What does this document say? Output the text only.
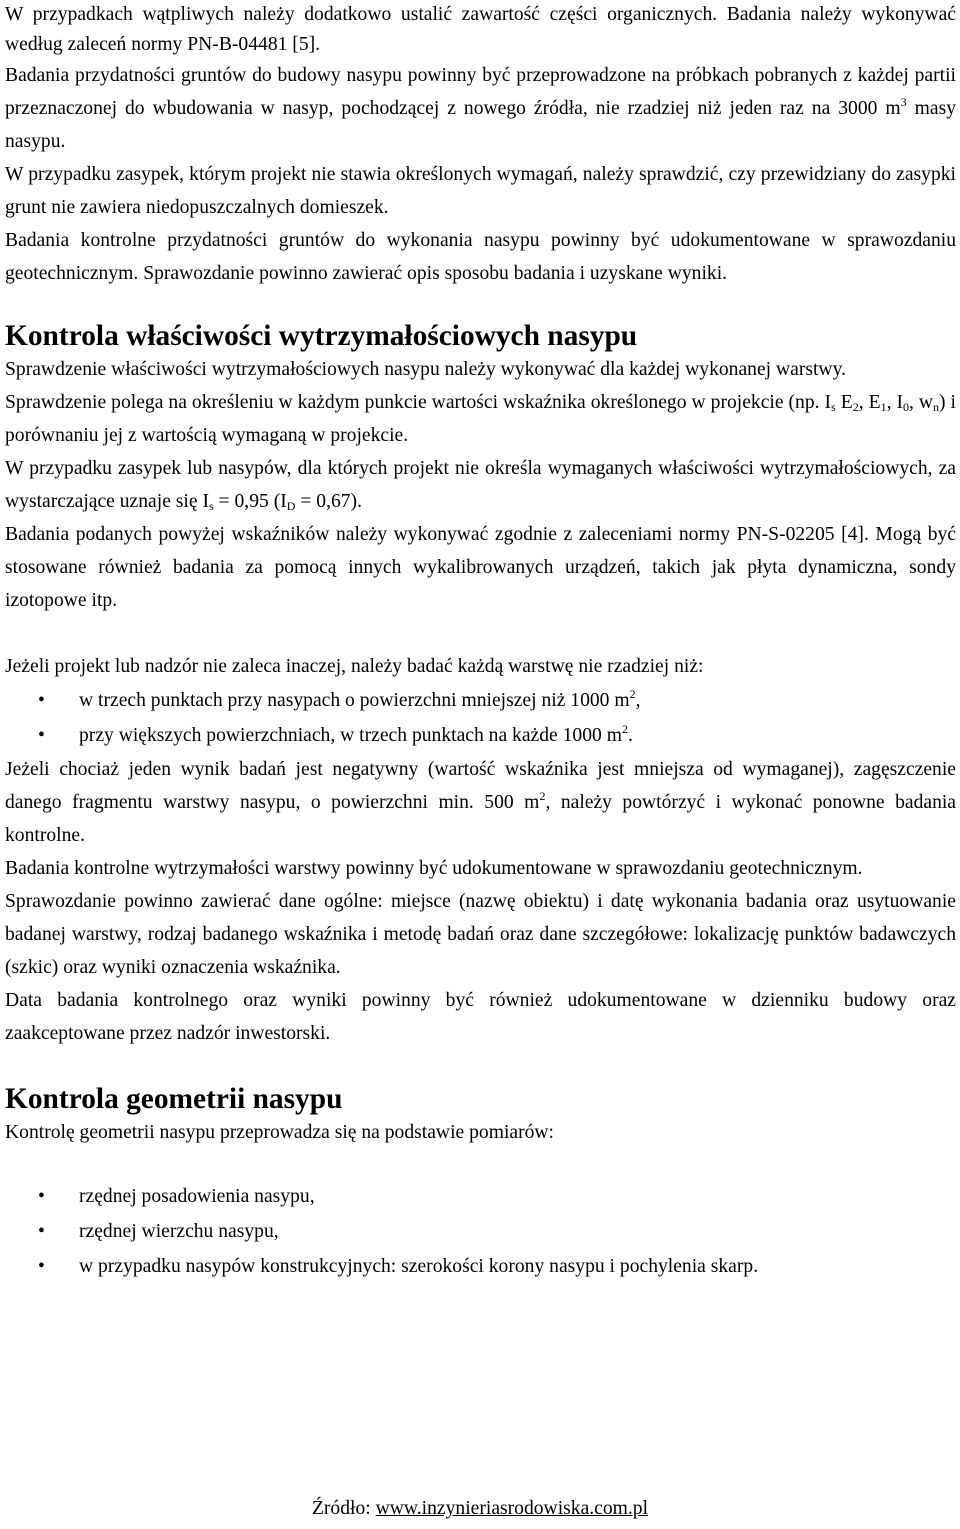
W przypadkach wątpliwych należy dodatkowo ustalić zawartość części organicznych. Badania należy wykonywać według zaleceń normy PN-B-04481 [5].

Badania przydatności gruntów do budowy nasypu powinny być przeprowadzone na próbkach pobranych z każdej partii przeznaczonej do wbudowania w nasyp, pochodzącej z nowego źródła, nie rzadziej niż jeden raz na 3000 $m^3$ masy nasypu.

W przypadku zasypek, którym projekt nie stawia określonych wymagań, należy sprawdzić, czy przewidziany do zasypki grunt nie zawiera niedopuszczalnych domieszek.

Badania kontrolne przydatności gruntów do wykonania nasypu powinny być udokumentowane w sprawozdaniu geotechnicznym. Sprawozdanie powinno zawierać opis sposobu badania i uzyskane wyniki.

Kontrola właściwości wytrzymałościowych nasypu

Sprawdzenie właściwości wytrzymałościowych nasypu należy wykonywać dla każdej wykonanej warstwy.

Sprawdzenie polega na określeniu w każdym punkcie wartości wskaźnika określonego w projekcie (np. $I_s$ $E_2$, $E_1$, $I_0$, $w_n$) i porównaniu jej z wartością wymaganą w projekcie.

W przypadku zasypek lub nasypów, dla których projekt nie określa wymaganych właściwości wytrzymałościowych, za wystarczające uznaje się $I_s = 0,95$ $(I_D = 0,67)$.

Badania podanych powyżej wskaźników należy wykonywać zgodnie z zaleceniami normy PN-S-02205 [4]. Mogą być stosowane również badania za pomocą innych wykalibrowanych urządzeń, takich jak płyta dynamiczna, sondy izotopowe itp.

Jeżeli projekt lub nadzór nie zaleca inaczej, należy badać każdą warstwę nie rzadziej niż:

• w trzech punktach przy nasypach o powierzchni mniejszej niż 1000 $m^2$,
• przy większych powierzchniach, w trzech punktach na każde 1000 $m^2$.

Jeżeli chociaż jeden wynik badań jest negatywny (wartość wskaźnika jest mniejsza od wymaganej), zagęszczenie danego fragmentu warstwy nasypu, o powierzchni min. 500 $m^2$, należy powtórzyć i wykonać ponowne badania kontrolne.

Badania kontrolne wytrzymałości warstwy powinny być udokumentowane w sprawozdaniu geotechnicznym.

Sprawozdanie powinno zawierać dane ogólne: miejsce (nazwę obiektu) i datę wykonania badania oraz usytuowanie badanej warstwy, rodzaj badanego wskaźnika i metodę badań oraz dane szczegółowe: lokalizację punktów badawczych (szkic) oraz wyniki oznaczenia wskaźnika.

Data badania kontrolnego oraz wyniki powinny być również udokumentowane w dzienniku budowy oraz zaakceptowane przez nadzór inwestorski.

Kontrola geometrii nasypu

Kontrolę geometrii nasypu przeprowadza się na podstawie pomiarów:

• rzędnej posadowienia nasypu,
• rzędnej wierzchu nasypu,
• w przypadku nasypów konstrukcyjnych: szerokości korony nasypu i pochylenia skarp.
Źródło: www.inzynieriasrodowiska.com.pl
